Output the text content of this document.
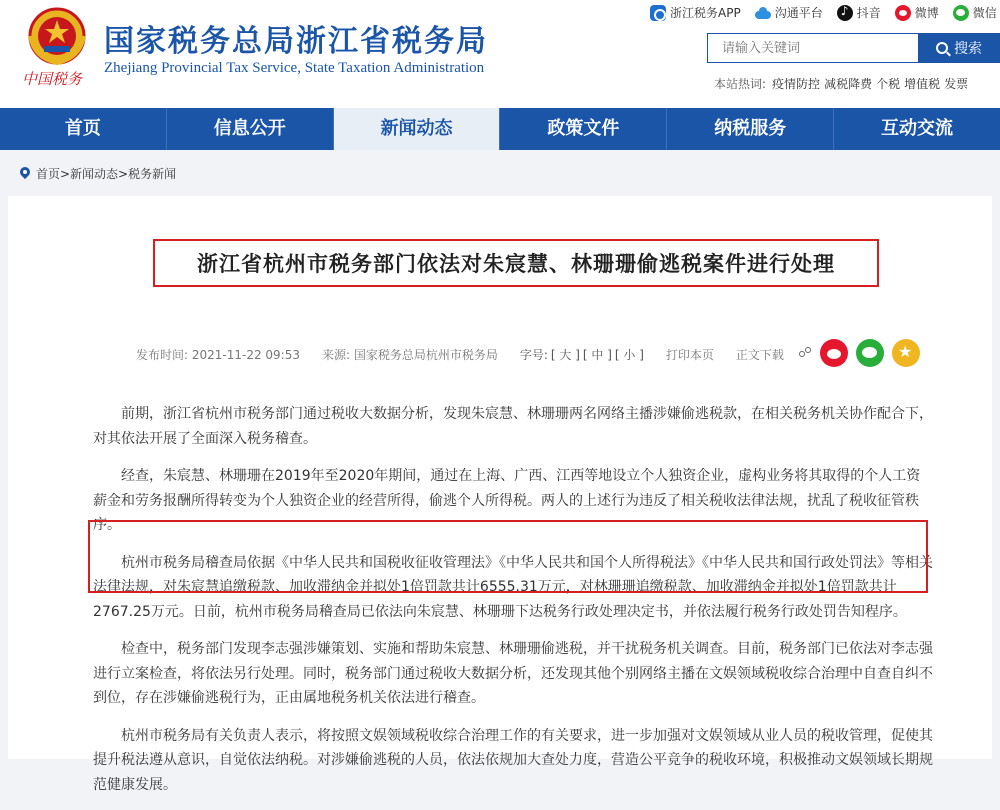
中国税务
国家税务总局浙江省税务局
Zhejiang Provincial Tax Service, State Taxation Administration
浙江税务APP	沟通平台
♪	抖音	微博	微信
请输入关键词
搜索
本站热词: 疫情防控 减税降费 个税 增值税 发票
首页	信息公开	新闻动态	政策文件	纳税服务	互动交流
首页>新闻动态>税务新闻
浙江省杭州市税务部门依法对朱宸慧、林珊珊偷逃税案件进行处理
发布时间: 2021-11-22 09:53 来源: 国家税务总局杭州市税务局 字号: [ 大 ] [ 中 ] [ 小 ] 打印本页 正文下载
★

前期，浙江省杭州市税务部门通过税收大数据分析，发现朱宸慧、林珊珊两名网络主播涉嫌偷逃税款，在相关税务机关协作配合下，对其依法开展了全面深入税务稽查。

经查，朱宸慧、林珊珊在2019年至2020年期间，通过在上海、广西、江西等地设立个人独资企业，虚构业务将其取得的个人工资薪金和劳务报酬所得转变为个人独资企业的经营所得，偷逃个人所得税。两人的上述行为违反了相关税收法律法规，扰乱了税收征管秩序。

杭州市税务局稽查局依据《中华人民共和国税收征收管理法》《中华人民共和国个人所得税法》《中华人民共和国行政处罚法》等相关法律法规，对朱宸慧追缴税款、加收滞纳金并拟处1倍罚款共计6555.31万元，对林珊珊追缴税款、加收滞纳金并拟处1倍罚款共计2767.25万元。日前，杭州市税务局稽查局已依法向朱宸慧、林珊珊下达税务行政处理决定书，并依法履行税务行政处罚告知程序。

检查中，税务部门发现李志强涉嫌策划、实施和帮助朱宸慧、林珊珊偷逃税，并干扰税务机关调查。目前，税务部门已依法对李志强进行立案检查，将依法另行处理。同时，税务部门通过税收大数据分析，还发现其他个别网络主播在文娱领域税收综合治理中自查自纠不到位，存在涉嫌偷逃税行为，正由属地税务机关依法进行稽查。

杭州市税务局有关负责人表示，将按照文娱领域税收综合治理工作的有关要求，进一步加强对文娱领域从业人员的税收管理，促使其提升税法遵从意识，自觉依法纳税。对涉嫌偷逃税的人员，依法依规加大查处力度，营造公平竞争的税收环境，积极推动文娱领域长期规范健康发展。
